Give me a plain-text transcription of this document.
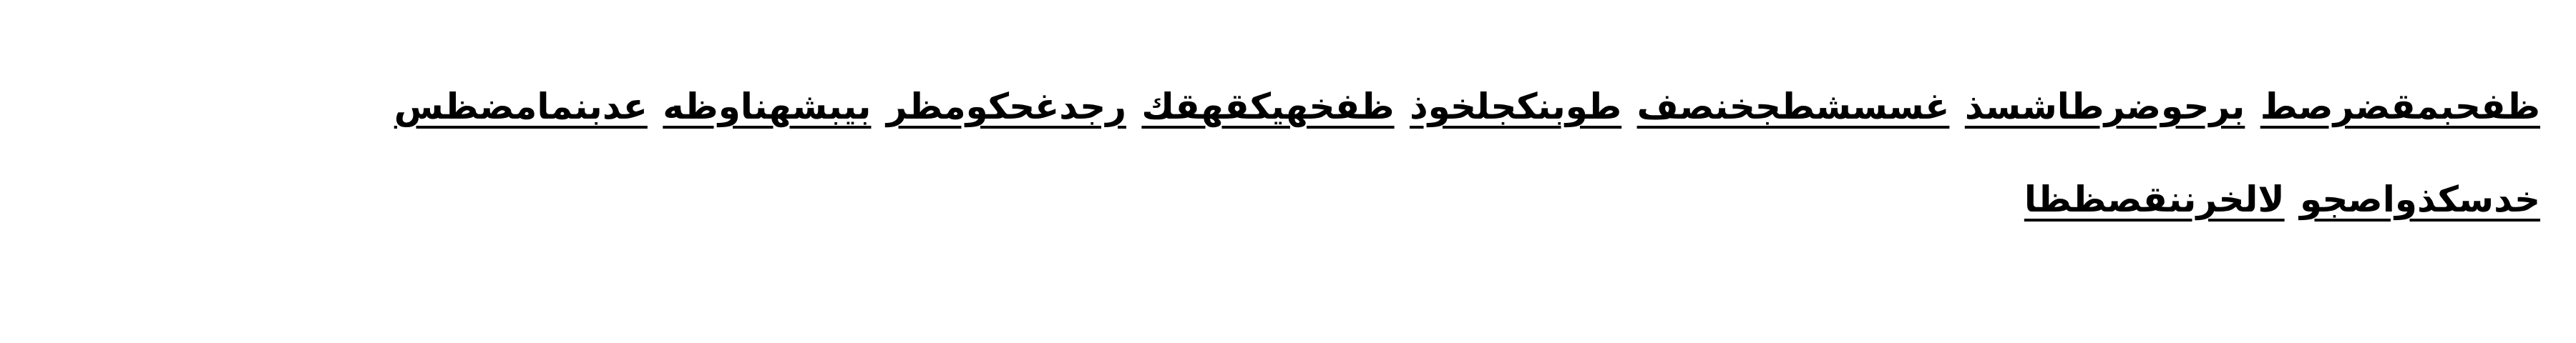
ظفحبمقضرصط برحوضرطاشسذ غسسشطجخنصف طوبنكجلخوذ ظفخهيكقهقك رجدغحكومظر بيبشهناوظه عدبنمامضظس خدسكذواصجو لالخرننقصظظا
